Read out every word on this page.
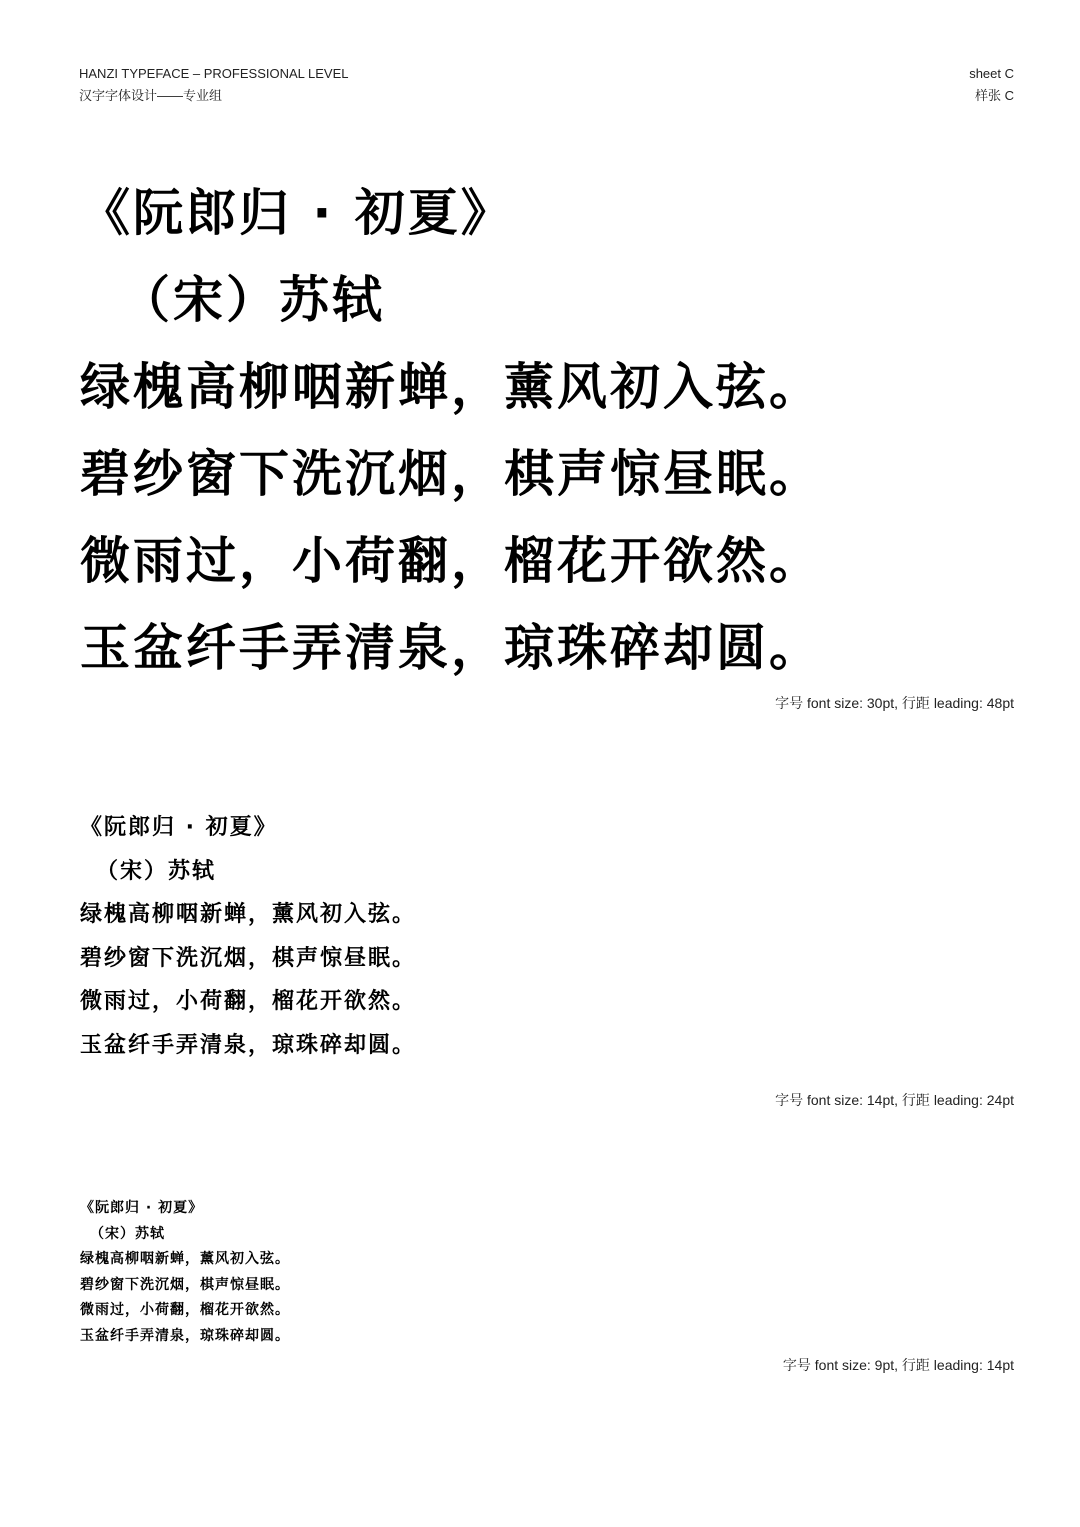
HANZI TYPEFACE – PROFESSIONAL LEVEL
汉字字体设计——专业组
sheet C
样张 C
《阮郎归 · 初夏》
（宋）苏轼
绿槐高柳咽新蝉，薰风初入弦。
碧纱窗下洗沉烟，棋声惊昼眠。
微雨过，小荷翻，榴花开欲然。
玉盆纤手弄清泉，琼珠碎却圆。
字号 font size: 30pt, 行距 leading: 48pt
《阮郎归 · 初夏》
（宋）苏轼
绿槐高柳咽新蝉，薰风初入弦。
碧纱窗下洗沉烟，棋声惊昼眠。
微雨过，小荷翻，榴花开欲然。
玉盆纤手弄清泉，琼珠碎却圆。
字号 font size: 14pt, 行距 leading: 24pt
《阮郎归 · 初夏》
（宋）苏轼
绿槐高柳咽新蝉，薰风初入弦。
碧纱窗下洗沉烟，棋声惊昼眠。
微雨过，小荷翻，榴花开欲然。
玉盆纤手弄清泉，琼珠碎却圆。
字号 font size: 9pt, 行距 leading: 14pt
